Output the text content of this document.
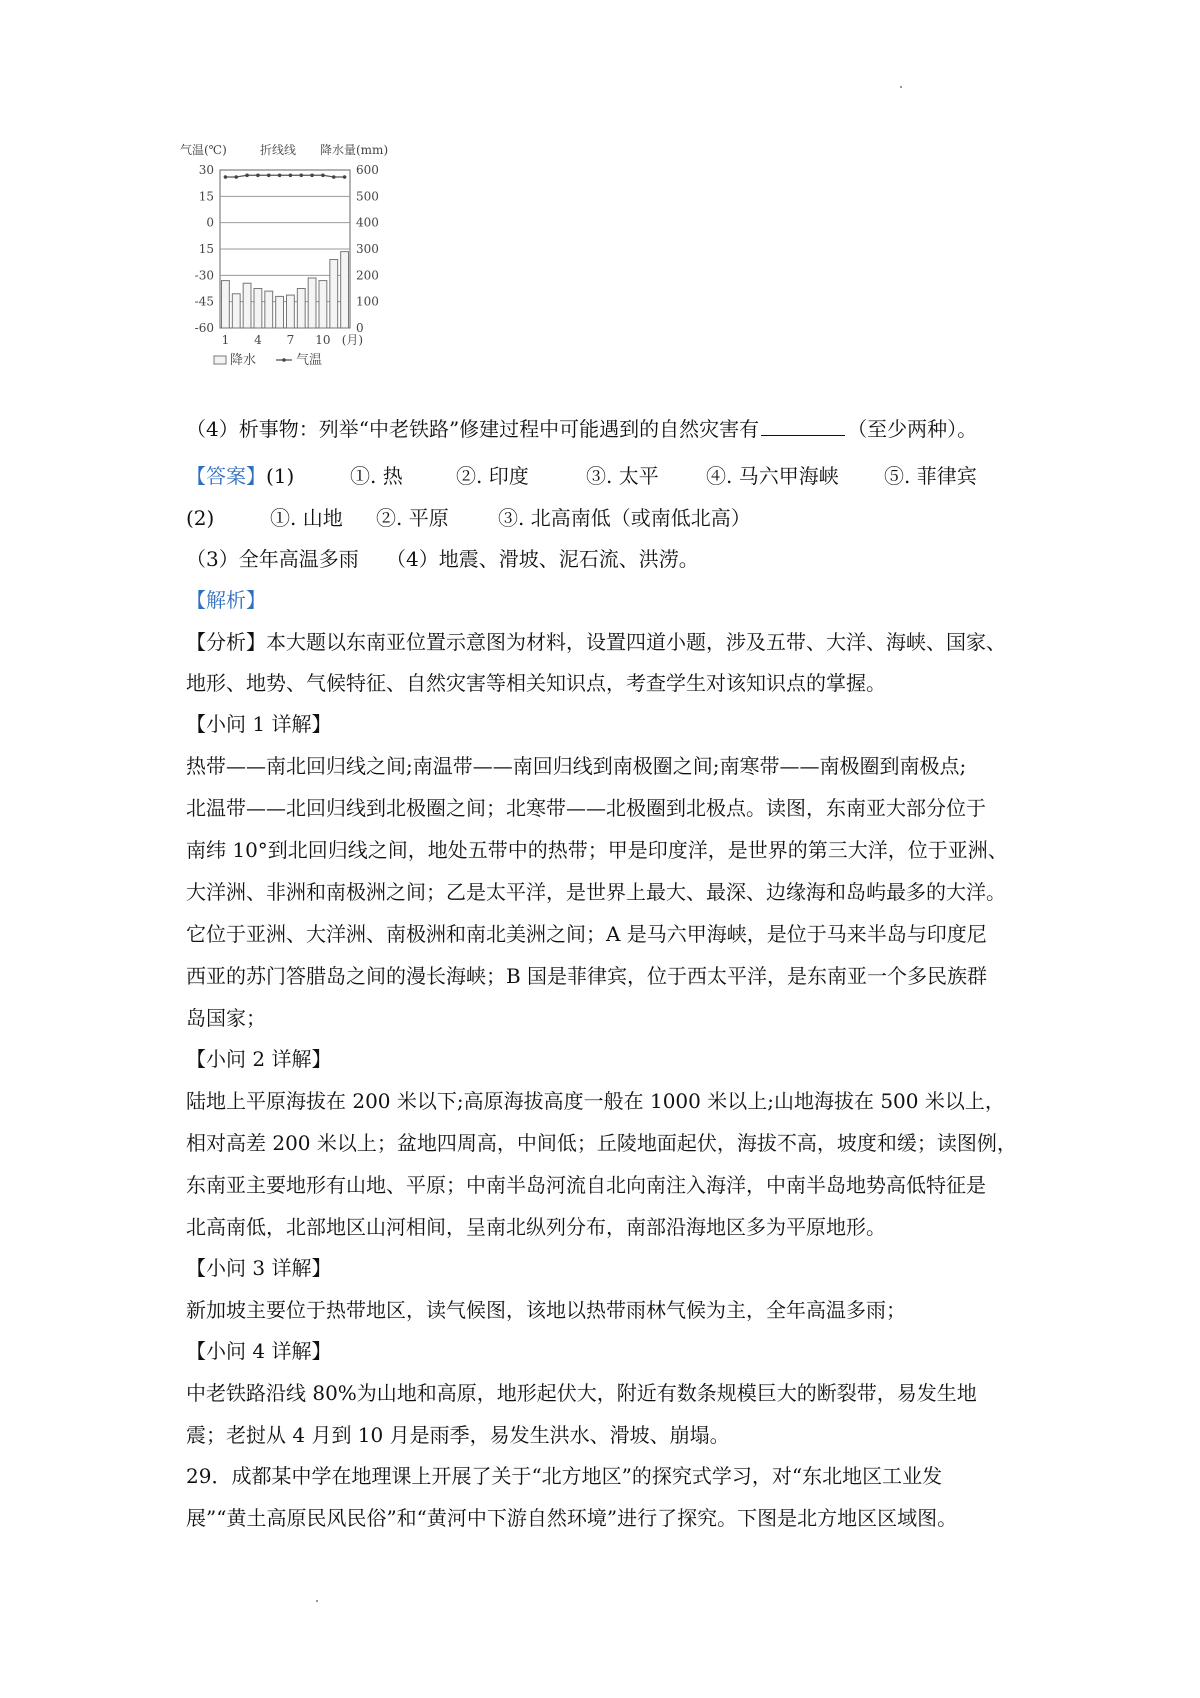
气温(℃)	折线线 降水量(mm)
30	600
15	500
0	400
15	300
-30	200
-45	100
-60	0
1 4 7 10 (月)
降水	气温
（4）析事物：列举“中老铁路”修建过程中可能遇到的自然灾害有	（至少两种）。
【答案】(1)	①. 热	②. 印度	③. 太平 ④. 马六甲海峡 ⑤. 菲律宾
(2)	①. 山地 ②. 平原 ③. 北高南低（或南低北高）
（3）全年高温多雨 （4）地震、滑坡、泥石流、洪涝。
【解析】
【分析】本大题以东南亚位置示意图为材料，设置四道小题，涉及五带、大洋、海峡、国家、
地形、地势、气候特征、自然灾害等相关知识点，考查学生对该知识点的掌握。
【小问 1 详解】
热带——南北回归线之间;南温带——南回归线到南极圈之间;南寒带——南极圈到南极点;
北温带——北回归线到北极圈之间；北寒带——北极圈到北极点。读图，东南亚大部分位于
南纬 10°到北回归线之间，地处五带中的热带；甲是印度洋，是世界的第三大洋，位于亚洲、
大洋洲、非洲和南极洲之间；乙是太平洋，是世界上最大、最深、边缘海和岛屿最多的大洋。
它位于亚洲、大洋洲、南极洲和南北美洲之间；A 是马六甲海峡，是位于马来半岛与印度尼
西亚的苏门答腊岛之间的漫长海峡；B 国是菲律宾，位于西太平洋，是东南亚一个多民族群
岛国家；
【小问 2 详解】
陆地上平原海拔在 200 米以下;高原海拔高度一般在 1000 米以上;山地海拔在 500 米以上，
相对高差 200 米以上；盆地四周高，中间低；丘陵地面起伏，海拔不高，坡度和缓；读图例，
东南亚主要地形有山地、平原；中南半岛河流自北向南注入海洋，中南半岛地势高低特征是
北高南低，北部地区山河相间，呈南北纵列分布，南部沿海地区多为平原地形。
【小问 3 详解】
新加坡主要位于热带地区，读气候图，该地以热带雨林气候为主，全年高温多雨；
【小问 4 详解】
中老铁路沿线 80%为山地和高原，地形起伏大，附近有数条规模巨大的断裂带，易发生地
震；老挝从 4 月到 10 月是雨季，易发生洪水、滑坡、崩塌。
29．成都某中学在地理课上开展了关于“北方地区”的探究式学习，对“东北地区工业发
展”“黄土高原民风民俗”和“黄河中下游自然环境”进行了探究。下图是北方地区区域图。
